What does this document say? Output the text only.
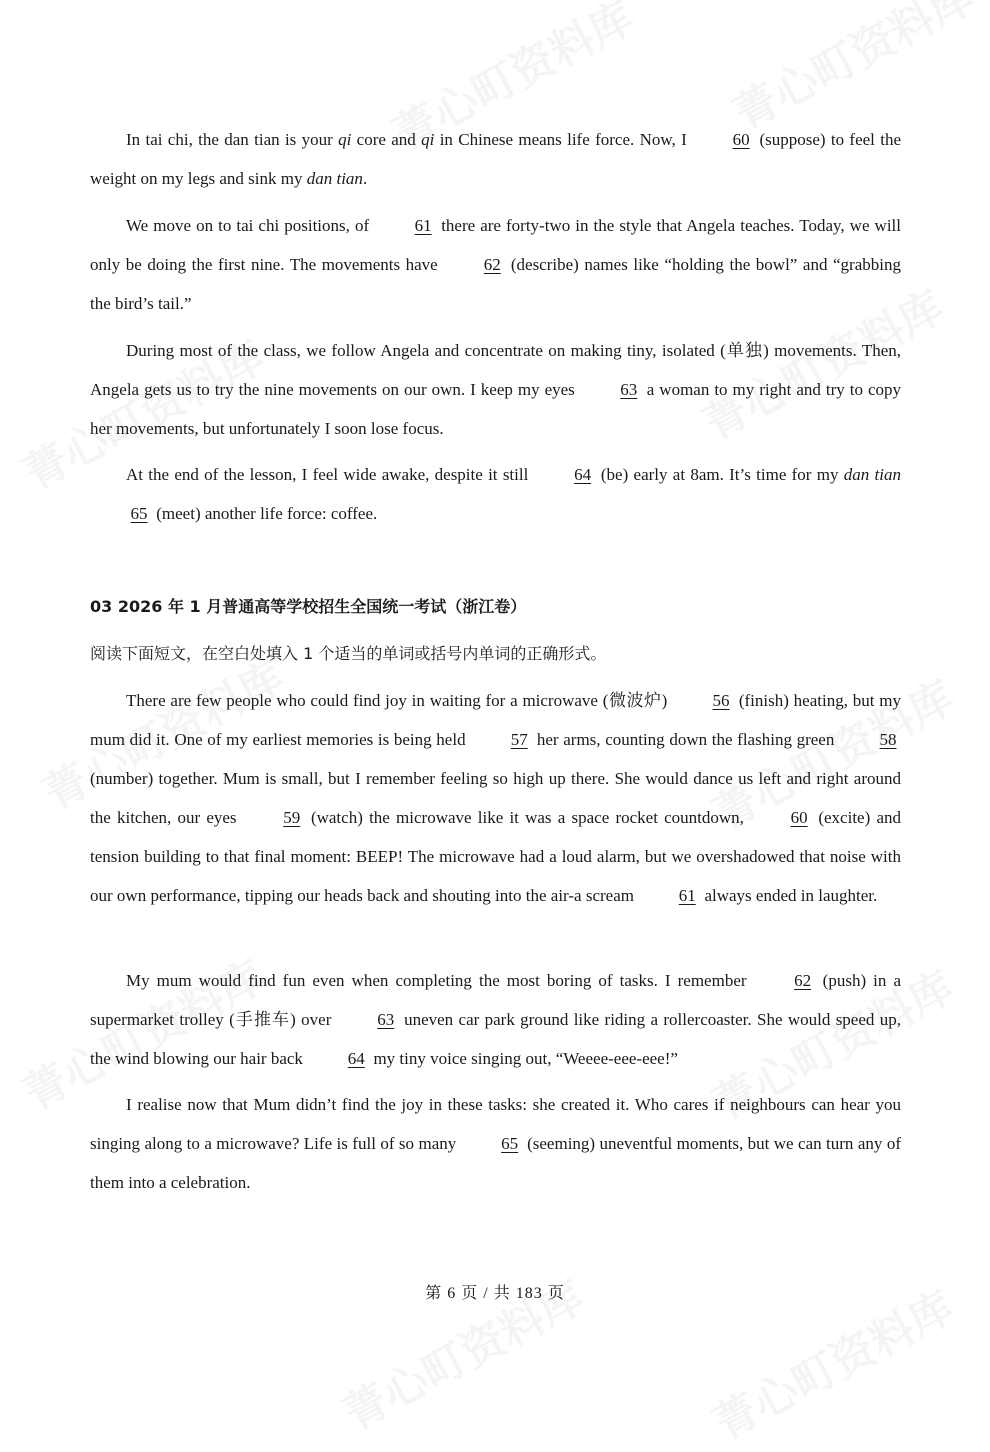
In tai chi, the dan tian is your qi core and qi in Chinese means life force. Now, I 60 (suppose) to feel the weight on my legs and sink my dan tian.
We move on to tai chi positions, of 61 there are forty-two in the style that Angela teaches. Today, we will only be doing the first nine. The movements have 62 (describe) names like “holding the bowl” and “grabbing the bird’s tail.”
During most of the class, we follow Angela and concentrate on making tiny, isolated (单独) movements. Then, Angela gets us to try the nine movements on our own. I keep my eyes 63 a woman to my right and try to copy her movements, but unfortunately I soon lose focus.
At the end of the lesson, I feel wide awake, despite it still 64 (be) early at 8am. It’s time for my dan tian 65 (meet) another life force: coffee.
03 2026 年 1 月普通高等学校招生全国统一考试（浙江卷）
阅读下面短文，在空白处填入 1 个适当的单词或括号内单词的正确形式。
There are few people who could find joy in waiting for a microwave (微波炉) 56 (finish) heating, but my mum did it. One of my earliest memories is being held 57 her arms, counting down the flashing green 58 (number) together. Mum is small, but I remember feeling so high up there. She would dance us left and right around the kitchen, our eyes 59 (watch) the microwave like it was a space rocket countdown, 60 (excite) and tension building to that final moment: BEEP! The microwave had a loud alarm, but we overshadowed that noise with our own performance, tipping our heads back and shouting into the air-a scream 61 always ended in laughter.
My mum would find fun even when completing the most boring of tasks. I remember 62 (push) in a supermarket trolley (手推车) over 63 uneven car park ground like riding a rollercoaster. She would speed up, the wind blowing our hair back 64 my tiny voice singing out, “Weeee-eee-eee!”
I realise now that Mum didn’t find the joy in these tasks: she created it. Who cares if neighbours can hear you singing along to a microwave? Life is full of so many 65 (seeming) uneventful moments, but we can turn any of them into a celebration.
第 6 页 / 共 183 页
